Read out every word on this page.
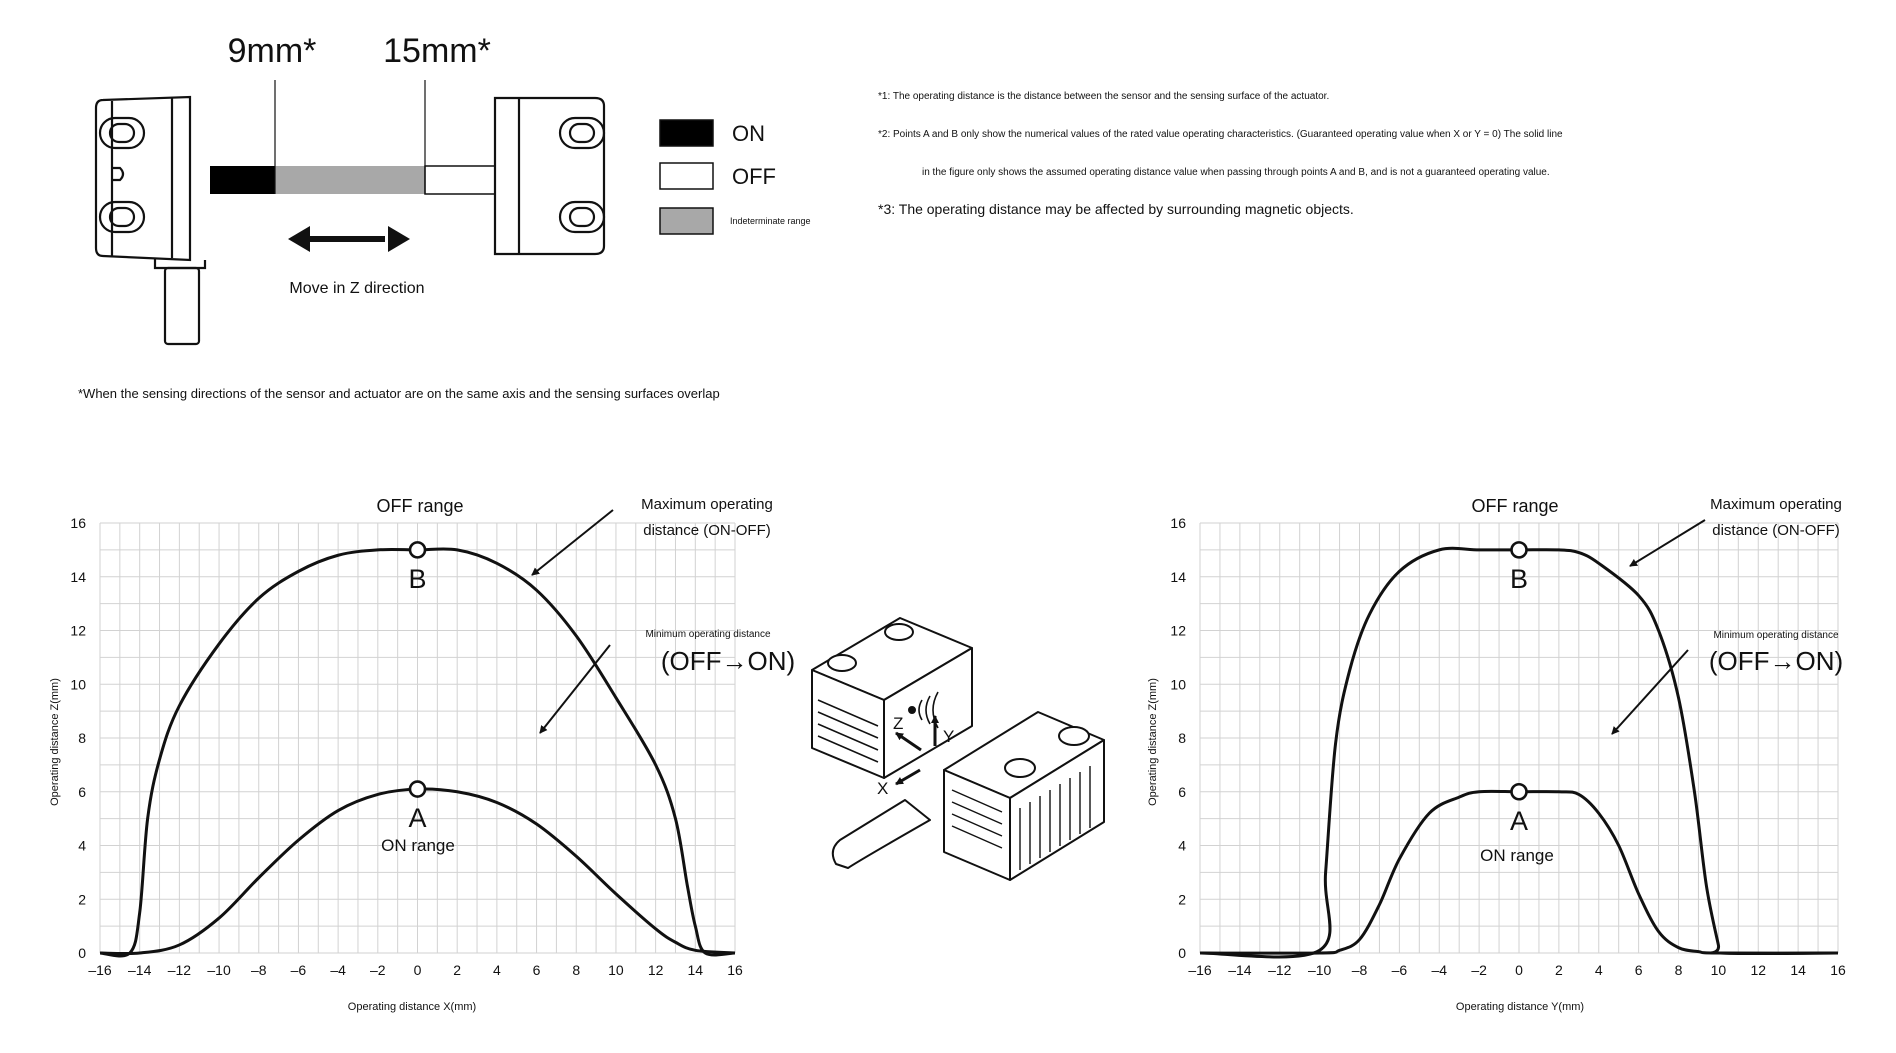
9mm* 15mm*
Move in Z direction
ON
OFF
Indeterminate range
*1: The operating distance is the distance between the sensor and the sensing surface of the actuator.
*2: Points A and B only show the numerical values of the rated value operating characteristics. (Guaranteed operating value when X or Y = 0) The solid line
in the figure only shows the assumed operating distance value when passing through points A and B, and is not a guaranteed operating value.
*3: The operating distance may be affected by surrounding magnetic objects.
*When the sensing directions of the sensor and actuator are on the same axis and the sensing surfaces overlap
–16 –14 –12 –10 –8 –6 –4 –2 0 2 4 6 8 10 12 14 16
0
2
4
6
8
10
12
14
16
Operating distance X(mm)
Operating distance Z(mm)
A
B
OFF range
ON range
Maximum operating
distance (ON-OFF)
Minimum operating distance
(OFF→ON)
–16 –14 –12 –10 –8 –6 –4 –2 0 2 4 6 8 10 12 14 16
0
2
4
6
8
10
12
14
16
Operating distance Y(mm)
Operating distance Z(mm)
A
B
OFF range
ON range
Maximum operating
distance (ON-OFF)
Minimum operating distance
(OFF→ON)
Z
Y
X
